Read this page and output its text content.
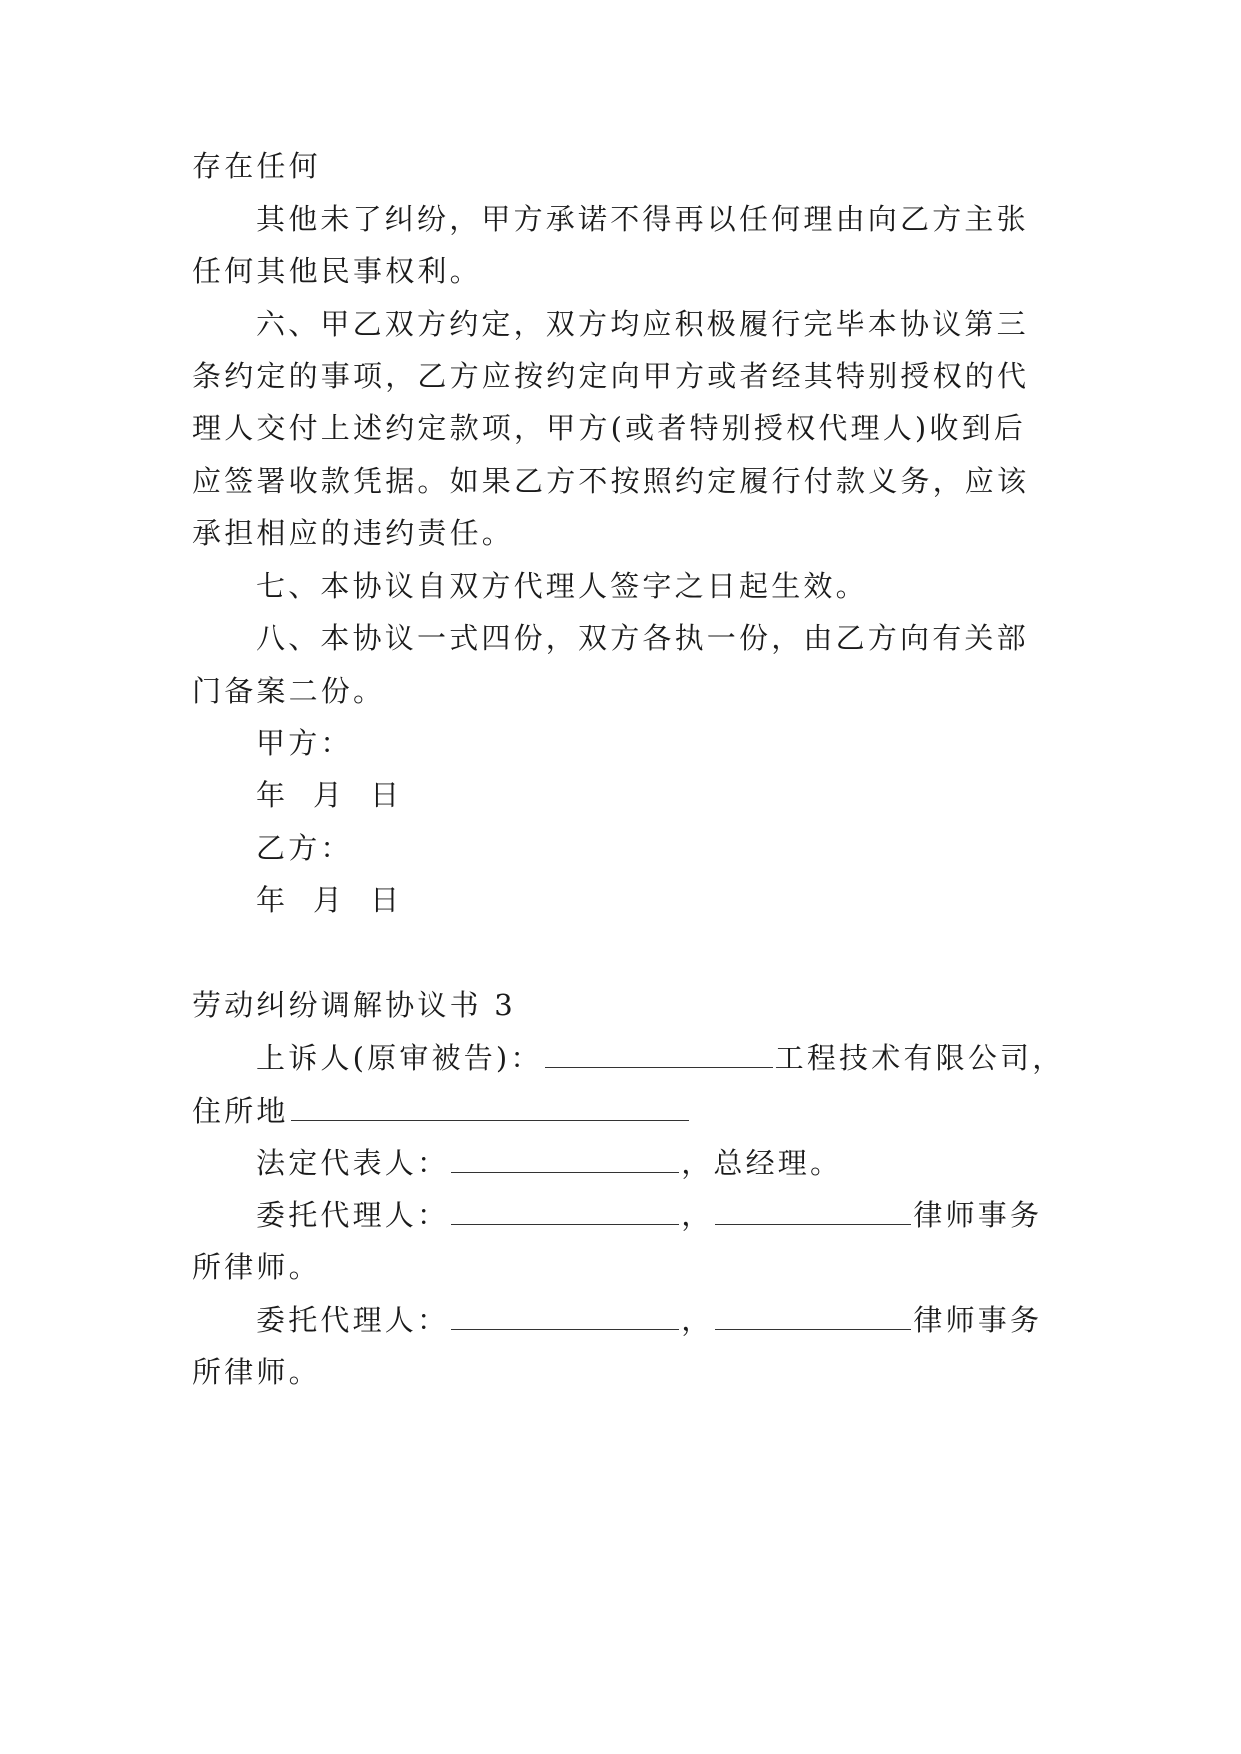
存在任何
其他未了纠纷，甲方承诺不得再以任何理由向乙方主张
任何其他民事权利。
六、甲乙双方约定，双方均应积极履行完毕本协议第三
条约定的事项，乙方应按约定向甲方或者经其特别授权的代
理人交付上述约定款项，甲方(或者特别授权代理人)收到后
应签署收款凭据。如果乙方不按照约定履行付款义务，应该
承担相应的违约责任。
七、本协议自双方代理人签字之日起生效。
八、本协议一式四份，双方各执一份，由乙方向有关部
门备案二份。
甲方：
年  月  日
乙方：
年  月  日
劳动纠纷调解协议书 3
上诉人(原审被告)：	工程技术有限公司，
住所地
法定代表人：	，总经理。
委托代理人：	，	律师事务
所律师。
委托代理人：	，	律师事务
所律师。
